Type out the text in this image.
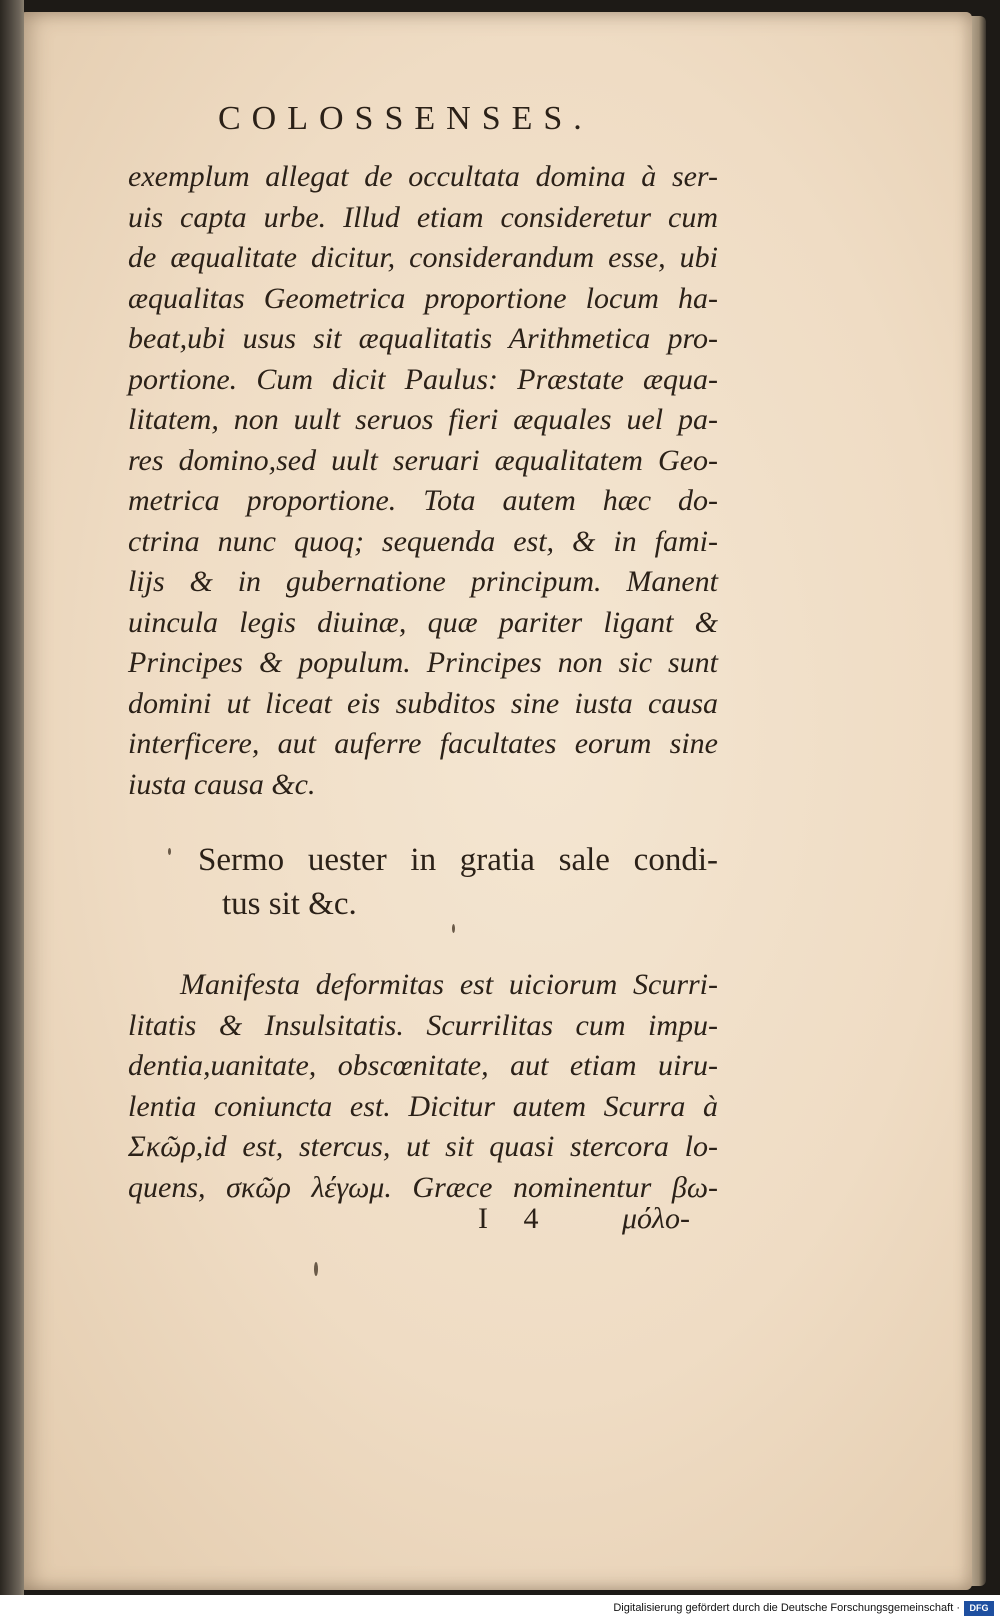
COLOSSENSES.
exemplum allegat de occultata domina à ser-
uis capta urbe. Illud etiam consideretur cum
de æqualitate dicitur, considerandum esse, ubi
æqualitas Geometrica proportione locum ha-
beat,ubi usus sit æqualitatis Arithmetica pro-
portione. Cum dicit Paulus: Præstate æqua-
litatem, non uult seruos fieri æquales uel pa-
res domino,sed uult seruari æqualitatem Geo-
metrica proportione. Tota autem hæc do-
ctrina nunc quoq; sequenda est, & in fami-
lijs & in gubernatione principum. Manent
uincula legis diuinæ, quæ pariter ligant &
Principes & populum. Principes non sic sunt
domini ut liceat eis subditos sine iusta causa
interficere, aut auferre facultates eorum sine
iusta causa &c.
Sermo uester in gratia sale condi-
tus sit &c.
Manifesta deformitas est uiciorum Scurri-
litatis & Insulsitatis. Scurrilitas cum impu-
dentia,uanitate, obscœnitate, aut etiam uiru-
lentia coniuncta est. Dicitur autem Scurra à
Σκῶρ,id est, stercus, ut sit quasi stercora lo-
quens, σκῶρ λέγωμ. Græce nominentur βω-
I 4 μόλο-
Digitalisierung gefördert durch die Deutsche Forschungsgemeinschaft ·	DFG
